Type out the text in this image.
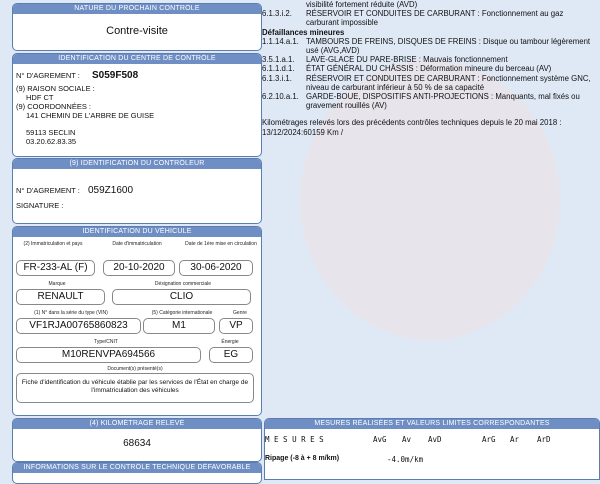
NATURE DU PROCHAIN CONTRÔLE
Contre-visite
IDENTIFICATION DU CENTRE DE CONTRÔLE
N° D'AGREMENT : S059F508
(9) RAISON SOCIALE :
HDF CT
(9) COORDONNÉES :
141 CHEMIN DE L'ARBRE DE GUISE
59113 SECLIN
03.20.62.83.35
(9) IDENTIFICATION DU CONTRÔLEUR
N° D'AGREMENT : 059Z1600
SIGNATURE :
IDENTIFICATION DU VÉHICULE
(2) Immatriculation et pays	Date d'immatriculation	Date de 1ère mise en circulation
FR-233-AL (F)	20-10-2020	30-06-2020
Marque	Désignation commerciale
RENAULT	CLIO
(1) N° dans la série du type (VIN)	(5) Catégorie internationale	Genre
VF1RJA00765860823	M1	VP
Type/CNIT	Énergie
M10RENVPA694566	EG
Document(s) présenté(s)
Fiche d'identification du véhicule établie par les services de l'État en charge de l'immatriculation des véhicules
(4) KILOMÉTRAGE RELEVÉ
68634
INFORMATIONS SUR LE CONTRÔLE TECHNIQUE DÉFAVORABLE
visibilité fortement réduite (AVD)
6.1.3.i.2. RÉSERVOIR ET CONDUITES DE CARBURANT : Fonctionnement au gaz carburant impossible
Défaillances mineures
1.1.14.a.1. TAMBOURS DE FREINS, DISQUES DE FREINS : Disque ou tambour légèrement usé (AVG,AVD)
3.5.1.a.1. LAVE-GLACE DU PARE-BRISE : Mauvais fonctionnement
6.1.1.d.1. ÉTAT GÉNÉRAL DU CHÂSSIS : Déformation mineure du berceau (AV)
6.1.3.i.1. RÉSERVOIR ET CONDUITES DE CARBURANT : Fonctionnement système GNC, niveau de carburant inférieur à 50 % de sa capacité
6.2.10.a.1. GARDE-BOUE, DISPOSITIFS ANTI-PROJECTIONS : Manquants, mal fixés ou gravement rouillés (AV)
Kilométrages relevés lors des précédents contrôles techniques depuis le 20 mai 2018 : 13/12/2024:60159 Km /
MESURES RÉALISÉES ET VALEURS LIMITES CORRESPONDANTES
M E S U R E S	AvG Av AvD	ArG Ar ArD
Ripage (-8 à + 8 m/km)	-4.0m/km
